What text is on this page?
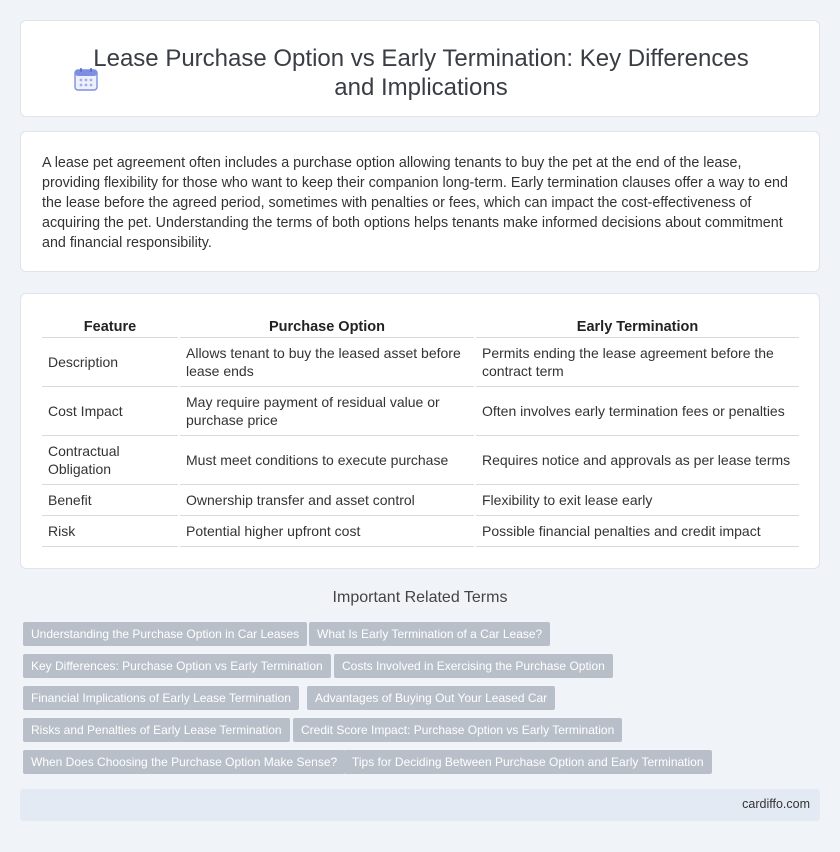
Lease Purchase Option vs Early Termination: Key Differences and Implications

A lease pet agreement often includes a purchase option allowing tenants to buy the pet at the end of the lease, providing flexibility for those who want to keep their companion long-term. Early termination clauses offer a way to end the lease before the agreed period, sometimes with penalties or fees, which can impact the cost-effectiveness of acquiring the pet. Understanding the terms of both options helps tenants make informed decisions about commitment and financial responsibility.

Feature	Purchase Option	Early Termination
Description	Allows tenant to buy the leased asset before lease ends	Permits ending the lease agreement before the contract term
Cost Impact	May require payment of residual value or purchase price	Often involves early termination fees or penalties
Contractual Obligation	Must meet conditions to execute purchase	Requires notice and approvals as per lease terms
Benefit	Ownership transfer and asset control	Flexibility to exit lease early
Risk	Potential higher upfront cost	Possible financial penalties and credit impact
Important Related Terms
Understanding the Purchase Option in Car Leases	What Is Early Termination of a Car Lease?
Key Differences: Purchase Option vs Early Termination	Costs Involved in Exercising the Purchase Option
Financial Implications of Early Lease Termination	Advantages of Buying Out Your Leased Car
Risks and Penalties of Early Lease Termination	Credit Score Impact: Purchase Option vs Early Termination
When Does Choosing the Purchase Option Make Sense?	Tips for Deciding Between Purchase Option and Early Termination
cardiffo.com
